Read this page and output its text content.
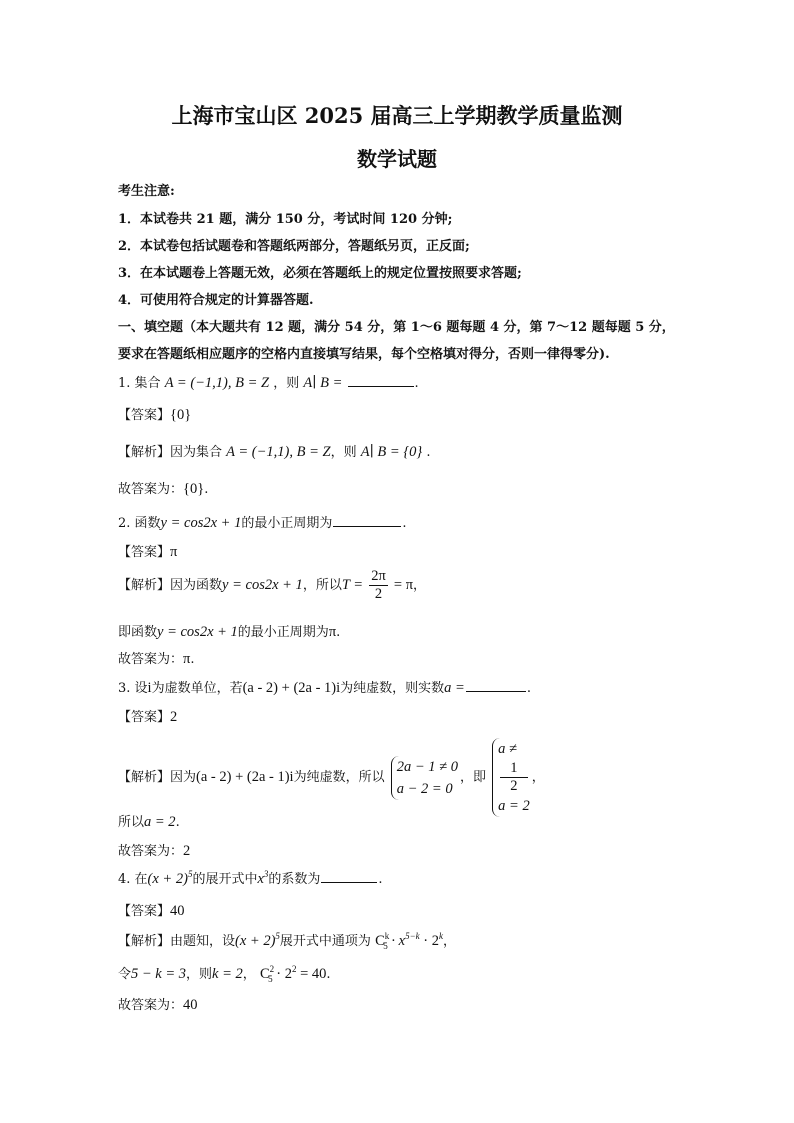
上海市宝山区 2025 届高三上学期教学质量监测
数学试题
考生注意:
1．本试卷共 21 题，满分 150 分，考试时间 120 分钟;
2．本试卷包括试题卷和答题纸两部分，答题纸另页，正反面;
3．在本试题卷上答题无效，必须在答题纸上的规定位置按照要求答题;
4．可使用符合规定的计算器答题.
一、填空题（本大题共有 12 题，满分 54 分，第 1～6 题每题 4 分，第 7～12 题每题 5 分，
要求在答题纸相应题序的空格内直接填写结果，每个空格填对得分，否则一律得零分).
1. 集合 A = (−1,1), B = Z ，则 A∣ B =	.
【答案】{0}
【解析】因为集合 A = (−1,1), B = Z，则 A∣ B = {0} .
故答案为：{0}.
2. 函数y = cos2x + 1的最小正周期为	.
【答案】π
【解析】因为函数y = cos2x + 1，所以$T = \frac{2\pi}{2} = \pi$，
即函数y = cos2x + 1的最小正周期为π.
故答案为：π.
3. 设i为虚数单位，若(a - 2) + (2a - 1)i为纯虚数，则实数a =	.
【答案】2
【解析】因为(a - 2) + (2a - 1)i为纯虚数，所以
2a − 1 ≠ 0
a − 2 = 0
，即
a ≠
1
2
a = 2
，
所以a = 2.
故答案为：2
4. 在$(x + 2)^5$的展开式中$x^3$的系数为	.
【答案】40
【解析】由题知，设$(x + 2)^5$展开式中通项为 $C^k_5 \cdot x^{5-k} \cdot 2^k$，
令5 − k = 3，则k = 2， $C^2_5 \cdot 2^2 = 40$.
故答案为：40
